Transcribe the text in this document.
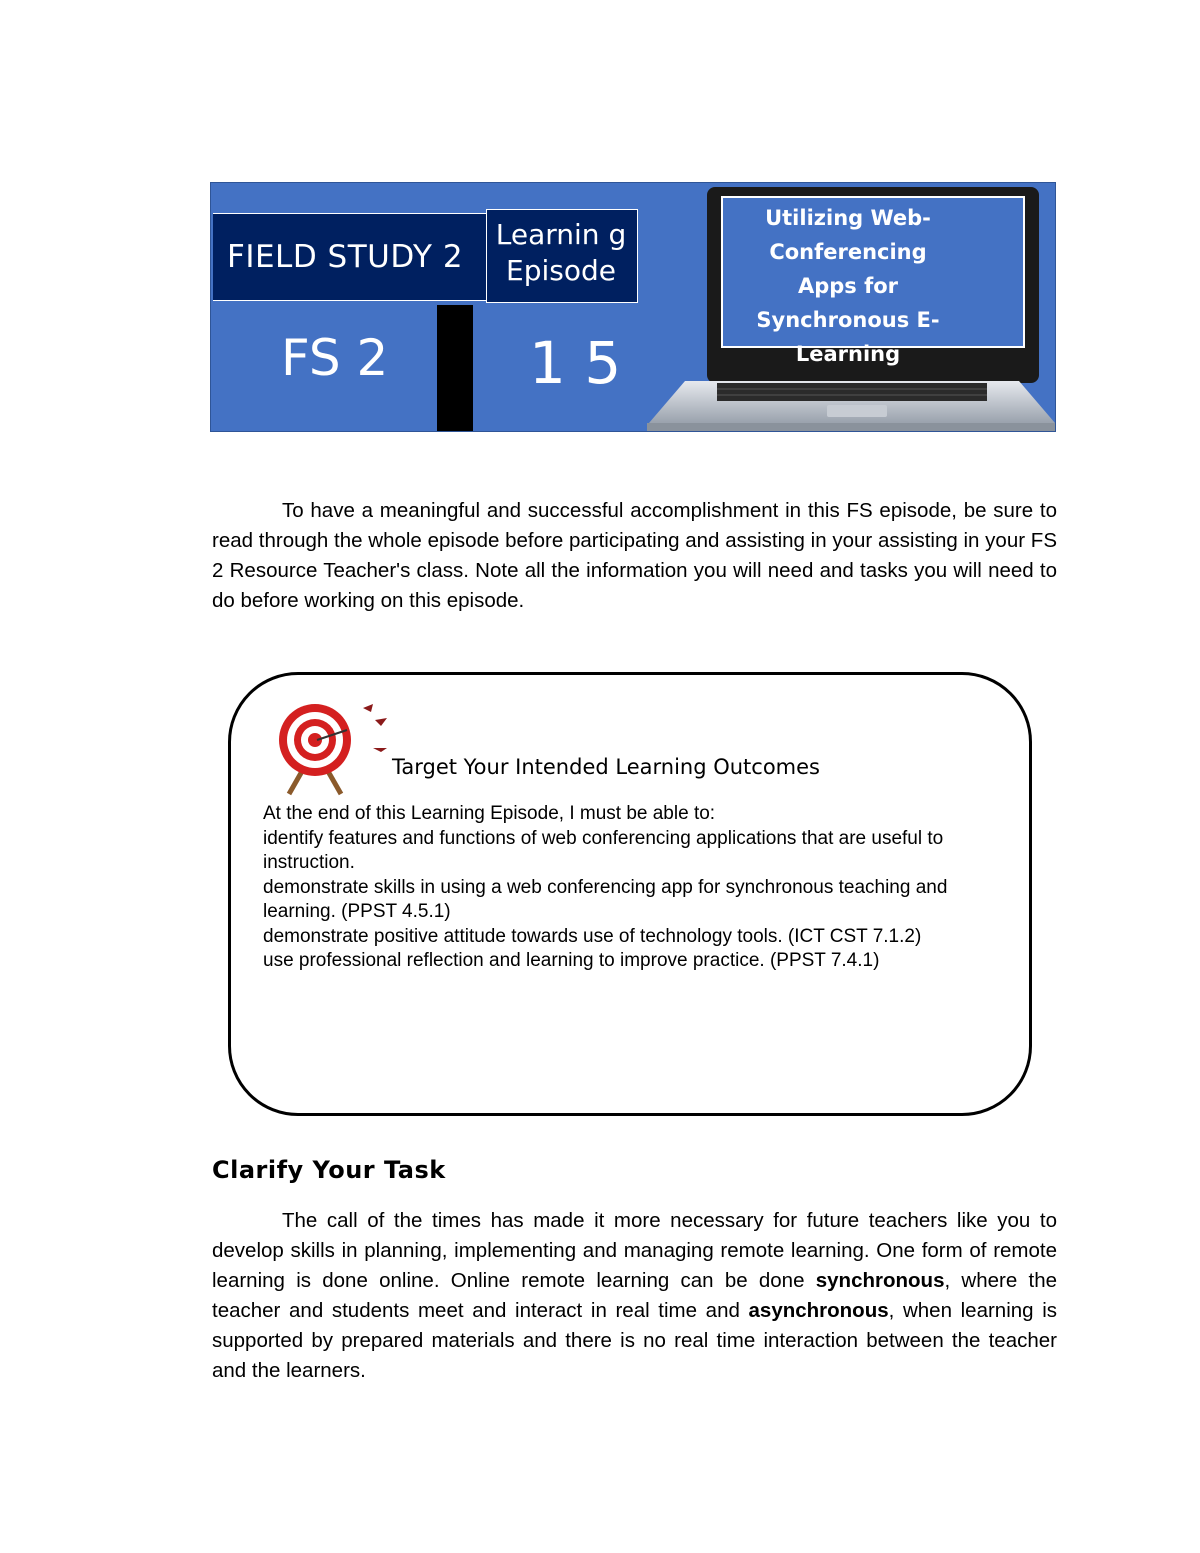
FIELD STUDY 2
Learnin g Episode
FS 2 1 5
Utilizing Web-Conferencing Apps for Synchronous E-Learning
To have a meaningful and successful accomplishment in this FS episode, be sure to read through the whole episode before participating and assisting in your assisting in your FS 2 Resource Teacher's class. Note all the information you will need and tasks you will need to do before working on this episode.
Target Your Intended Learning Outcomes
At the end of this Learning Episode, I must be able to:
identify features and functions of web conferencing applications that are useful to instruction.
demonstrate skills in using a web conferencing app for synchronous teaching and learning. (PPST 4.5.1)
demonstrate positive attitude towards use of technology tools. (ICT CST 7.1.2)
use professional reflection and learning to improve practice. (PPST 7.4.1)
Clarify Your Task
The call of the times has made it more necessary for future teachers like you to develop skills in planning, implementing and managing remote learning. One form of remote learning is done online. Online remote learning can be done synchronous, where the teacher and students meet and interact in real time and asynchronous, when learning is supported by prepared materials and there is no real time interaction between the teacher and the learners.
